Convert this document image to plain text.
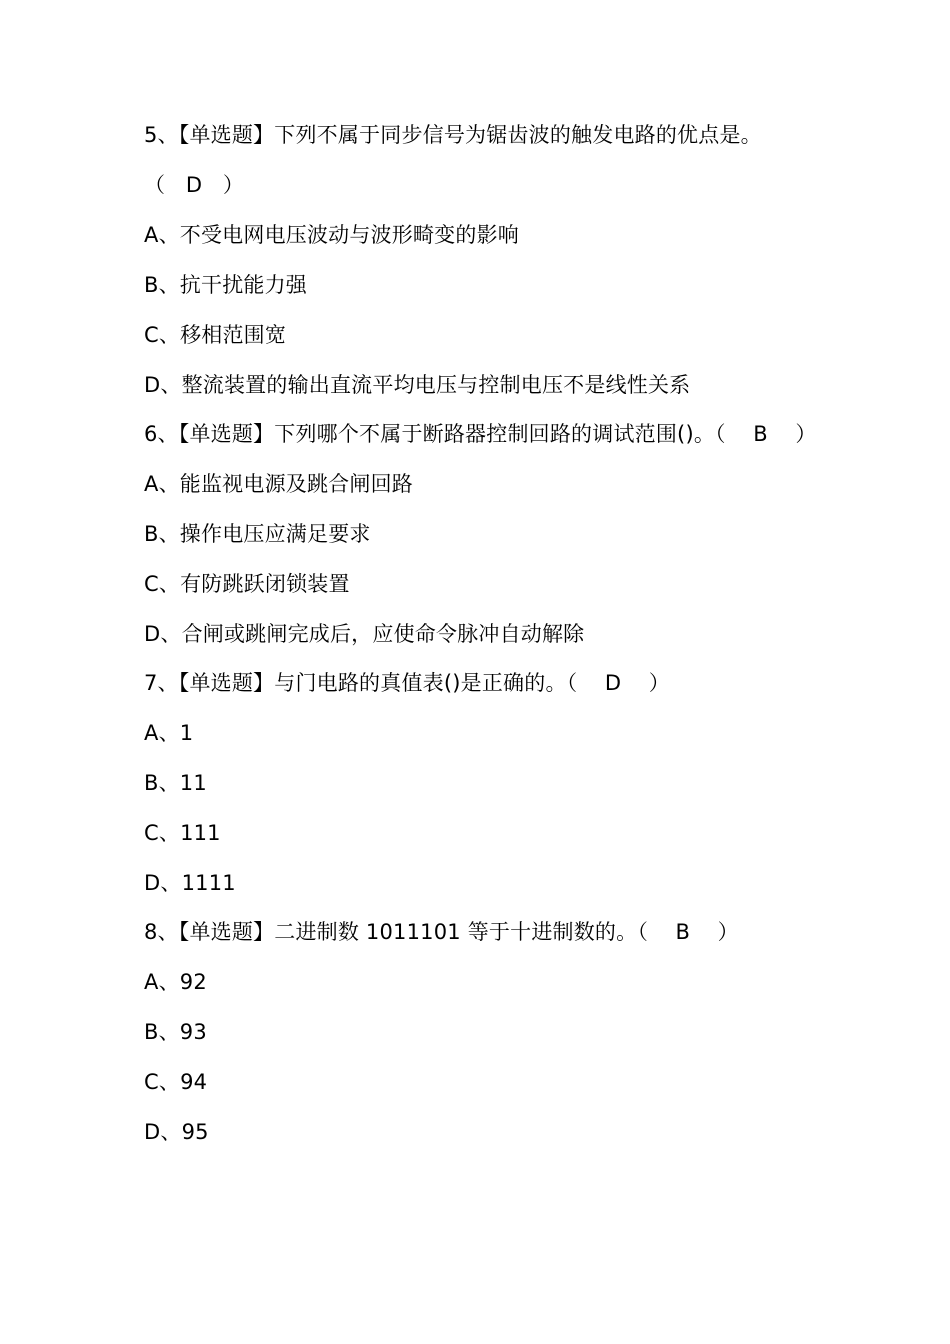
5、【单选题】下列不属于同步信号为锯齿波的触发电路的优点是。
（   D   ）
A、不受电网电压波动与波形畸变的影响
B、抗干扰能力强
C、移相范围宽
D、整流装置的输出直流平均电压与控制电压不是线性关系
6、【单选题】下列哪个不属于断路器控制回路的调试范围()。（    B    ）
A、能监视电源及跳合闸回路
B、操作电压应满足要求
C、有防跳跃闭锁装置
D、合闸或跳闸完成后，应使命令脉冲自动解除
7、【单选题】与门电路的真值表()是正确的。（    D    ）
A、1
B、11
C、111
D、1111
8、【单选题】二进制数 1011101 等于十进制数的。（    B    ）
A、92
B、93
C、94
D、95
